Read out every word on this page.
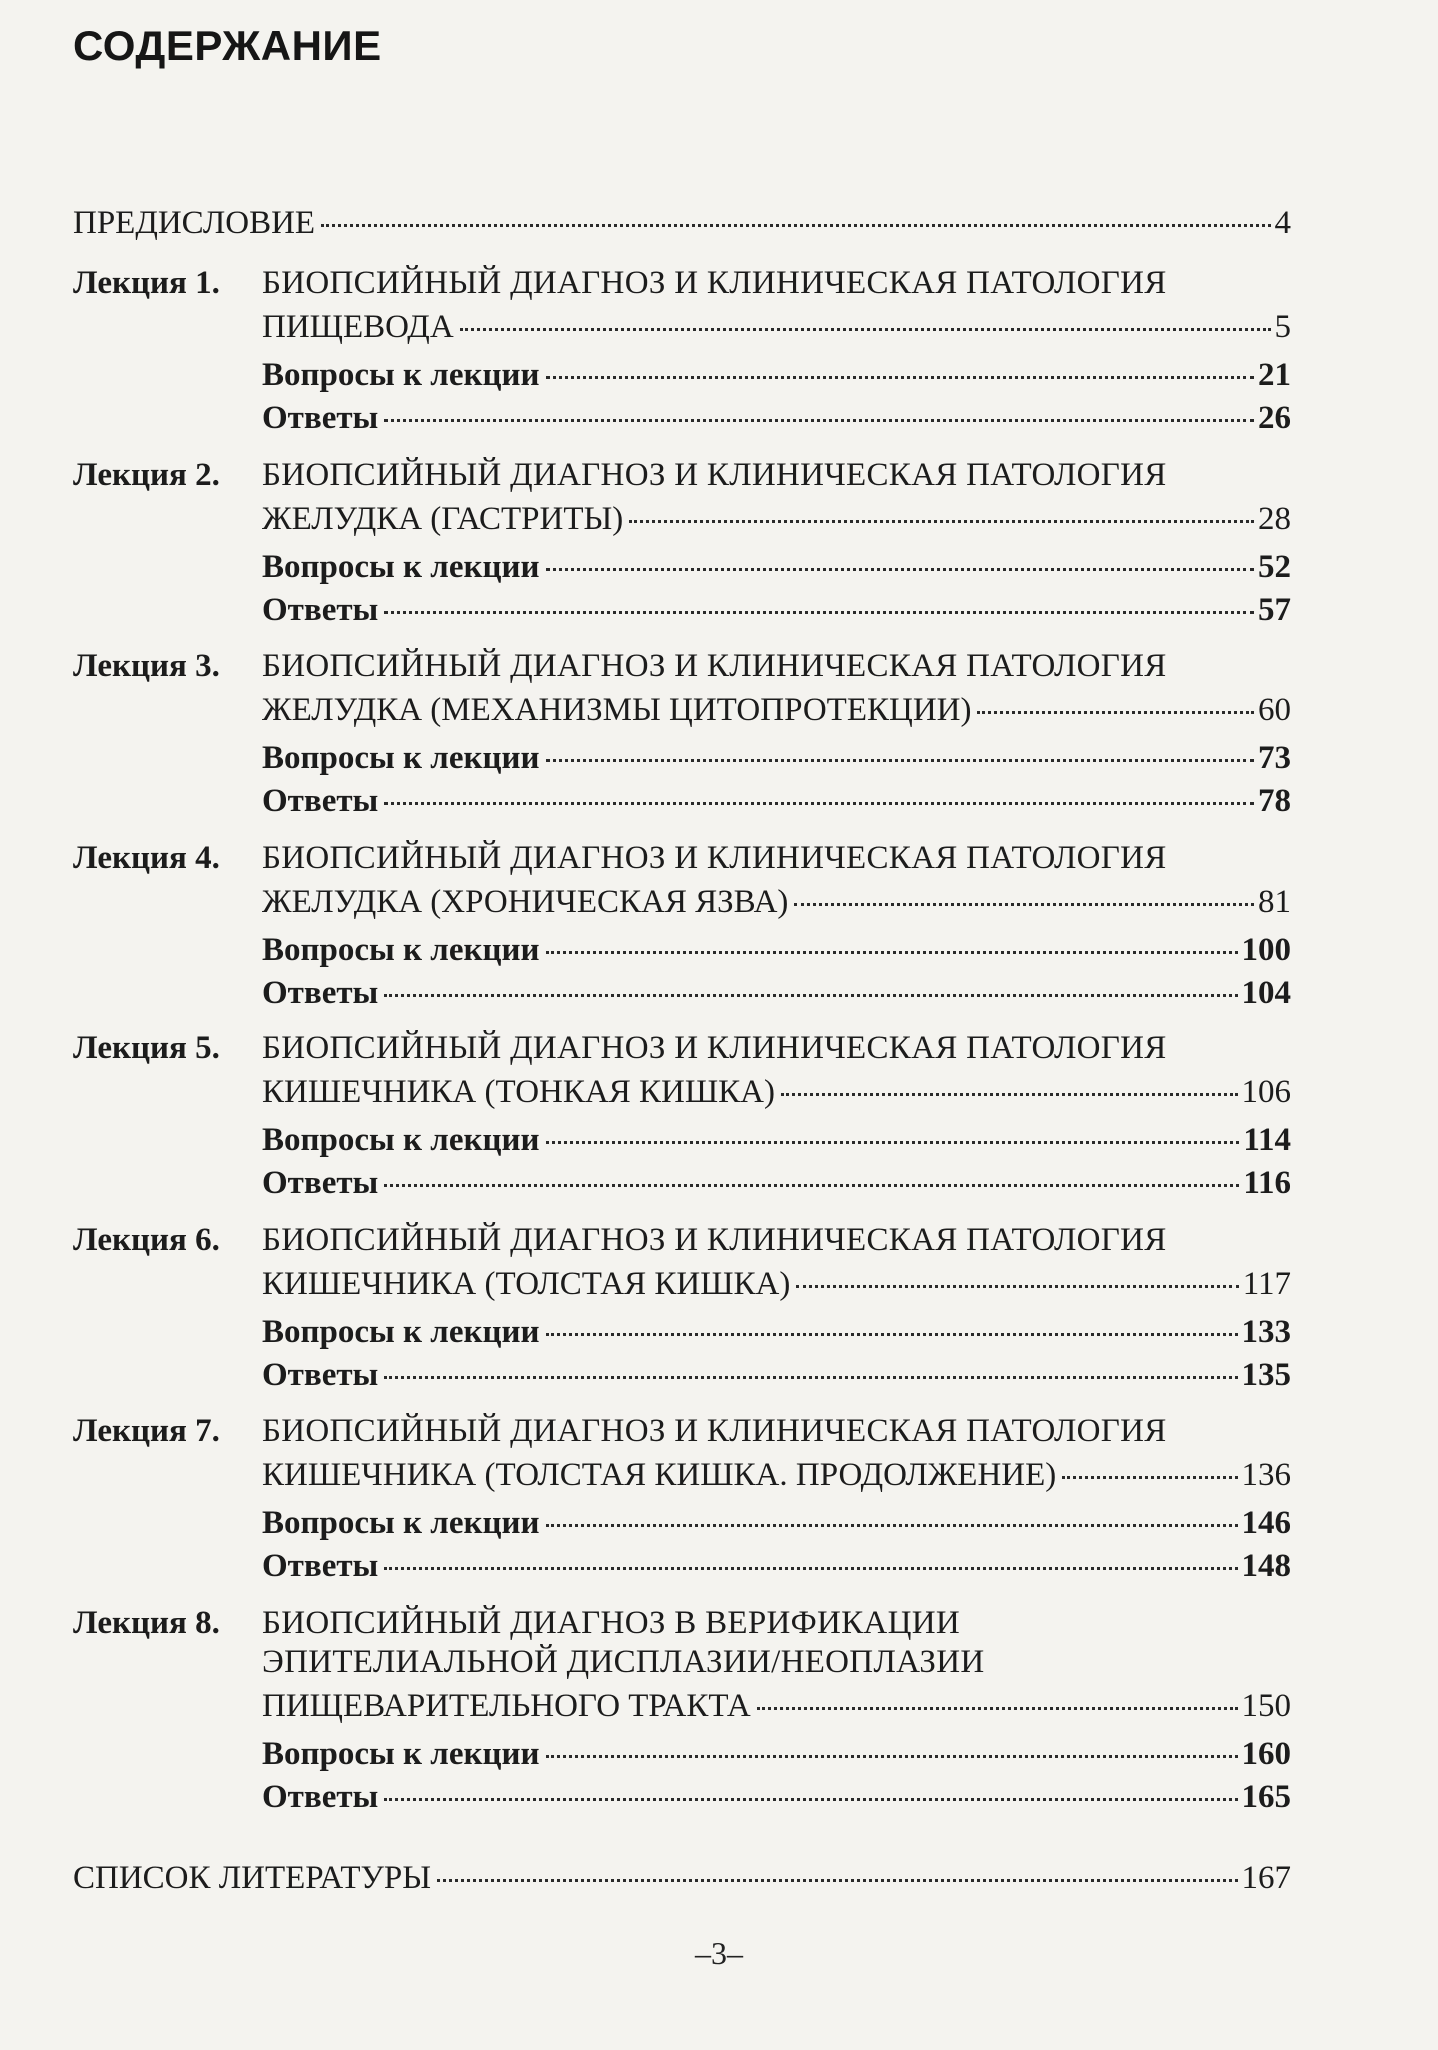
СОДЕРЖАНИЕ
ПРЕДИСЛОВИЕ	4
Лекция 1. БИОПСИЙНЫЙ ДИАГНОЗ И КЛИНИЧЕСКАЯ ПАТОЛОГИЯ
ПИЩЕВОДА	5
Вопросы к лекции	21
Ответы	26
Лекция 2. БИОПСИЙНЫЙ ДИАГНОЗ И КЛИНИЧЕСКАЯ ПАТОЛОГИЯ
ЖЕЛУДКА (ГАСТРИТЫ)	28
Вопросы к лекции	52
Ответы	57
Лекция 3. БИОПСИЙНЫЙ ДИАГНОЗ И КЛИНИЧЕСКАЯ ПАТОЛОГИЯ
ЖЕЛУДКА (МЕХАНИЗМЫ ЦИТОПРОТЕКЦИИ)	60
Вопросы к лекции	73
Ответы	78
Лекция 4. БИОПСИЙНЫЙ ДИАГНОЗ И КЛИНИЧЕСКАЯ ПАТОЛОГИЯ
ЖЕЛУДКА (ХРОНИЧЕСКАЯ ЯЗВА)	81
Вопросы к лекции	100
Ответы	104
Лекция 5. БИОПСИЙНЫЙ ДИАГНОЗ И КЛИНИЧЕСКАЯ ПАТОЛОГИЯ
КИШЕЧНИКА (ТОНКАЯ КИШКА)	106
Вопросы к лекции	114
Ответы	116
Лекция 6. БИОПСИЙНЫЙ ДИАГНОЗ И КЛИНИЧЕСКАЯ ПАТОЛОГИЯ
КИШЕЧНИКА (ТОЛСТАЯ КИШКА)	117
Вопросы к лекции	133
Ответы	135
Лекция 7. БИОПСИЙНЫЙ ДИАГНОЗ И КЛИНИЧЕСКАЯ ПАТОЛОГИЯ
КИШЕЧНИКА (ТОЛСТАЯ КИШКА. ПРОДОЛЖЕНИЕ)	136
Вопросы к лекции	146
Ответы	148
Лекция 8. БИОПСИЙНЫЙ ДИАГНОЗ В ВЕРИФИКАЦИИ
ЭПИТЕЛИАЛЬНОЙ ДИСПЛАЗИИ/НЕОПЛАЗИИ
ПИЩЕВАРИТЕЛЬНОГО ТРАКТА	150
Вопросы к лекции	160
Ответы	165
СПИСОК ЛИТЕРАТУРЫ	167
–3–
